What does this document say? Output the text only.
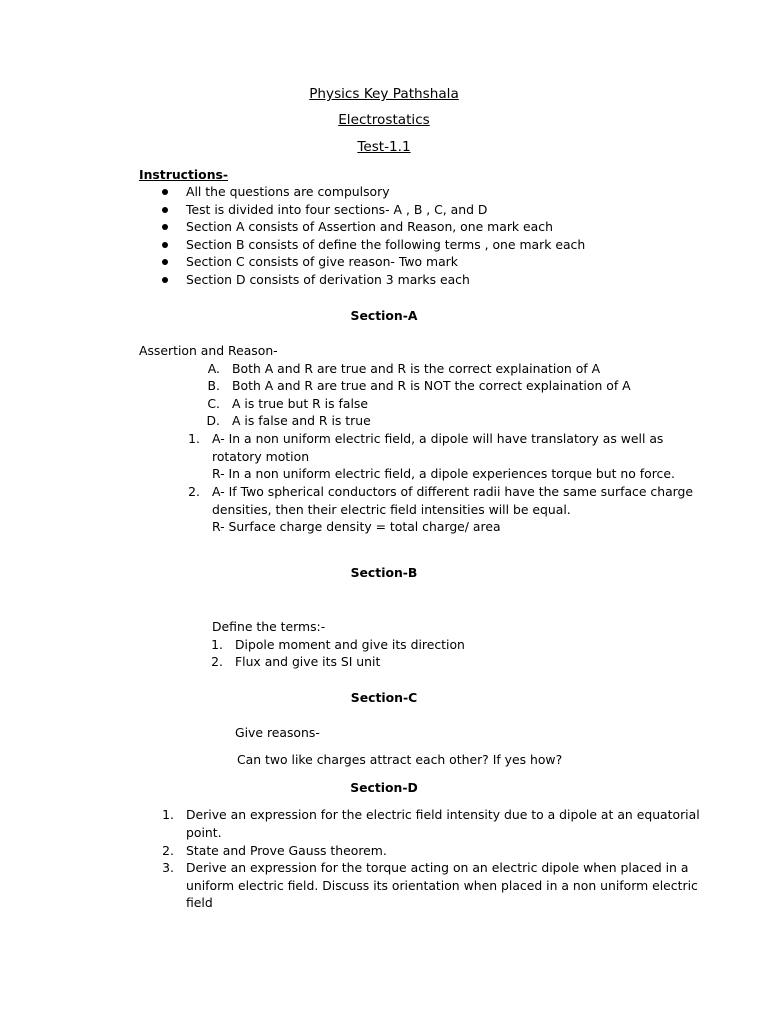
Physics Key Pathshala
Electrostatics
Test-1.1
Instructions-
All the questions are compulsory
Test is divided into four sections- A , B , C, and D
Section A consists of Assertion and Reason, one mark each
Section B consists of define the following terms , one mark each
Section C consists of give reason- Two mark
Section D consists of derivation 3 marks each
Section-A
Assertion and Reason-
A. Both A and R are true and R is the correct explaination of A
B. Both A and R are true and R is NOT the correct explaination of A
C. A is true but R is false
D. A is false and R is true
1. A- In a non uniform electric field, a dipole will have translatory as well as
rotatory motion
R- In a non uniform electric field, a dipole experiences torque but no force.
2. A- If Two spherical conductors of different radii have the same surface charge
densities, then their electric field intensities will be equal.
R- Surface charge density = total charge/ area
Section-B
Define the terms:-
1. Dipole moment and give its direction
2. Flux and give its SI unit
Section-C
Give reasons-
Can two like charges attract each other? If yes how?
Section-D
1. Derive an expression for the electric field intensity due to a dipole at an equatorial
point.
2. State and Prove Gauss theorem.
3. Derive an expression for the torque acting on an electric dipole when placed in a
uniform electric field. Discuss its orientation when placed in a non uniform electric
field
